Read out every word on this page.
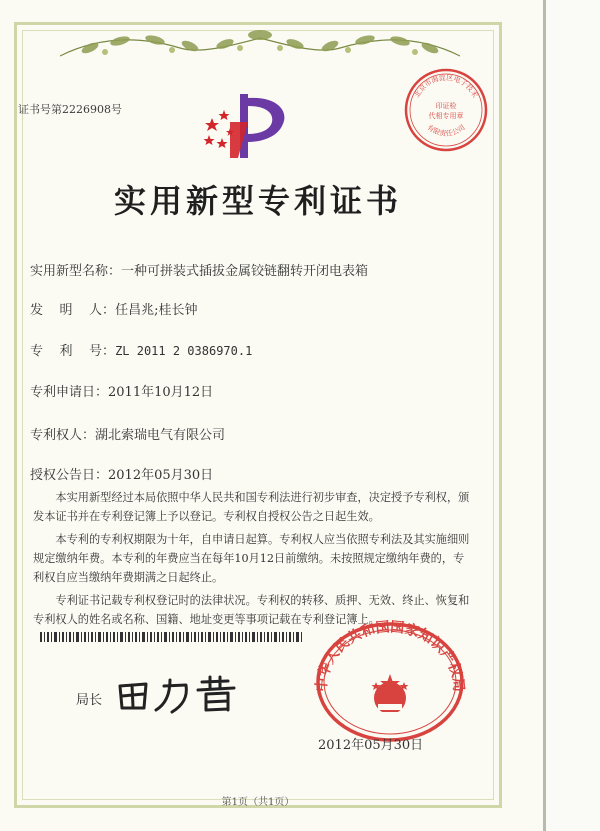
证书号第2226908号
实用新型专利证书
北京市海淀区电子技术
印证检
代相专用章
有限责任公司
实用新型名称：一种可拼装式插拔金属铰链翻转开闭电表箱
发    明    人：任昌兆;桂长钟
专    利    号：ZL 2011 2 0386970.1
专利申请日：2011年10月12日
专利权人：湖北索瑞电气有限公司
授权公告日：2012年05月30日

本实用新型经过本局依照中华人民共和国专利法进行初步审查，决定授予专利权，颁发本证书并在专利登记簿上予以登记。专利权自授权公告之日起生效。

本专利的专利权期限为十年，自申请日起算。专利权人应当依照专利法及其实施细则规定缴纳年费。本专利的年费应当在每年10月12日前缴纳。未按照规定缴纳年费的，专利权自应当缴纳年费期满之日起终止。

专利证书记载专利权登记时的法律状况。专利权的转移、质押、无效、终止、恢复和专利权人的姓名或名称、国籍、地址变更等事项记载在专利登记簿上。

局长
中华人民共和国国家知识产权局
2012年05月30日
第1页（共1页）
